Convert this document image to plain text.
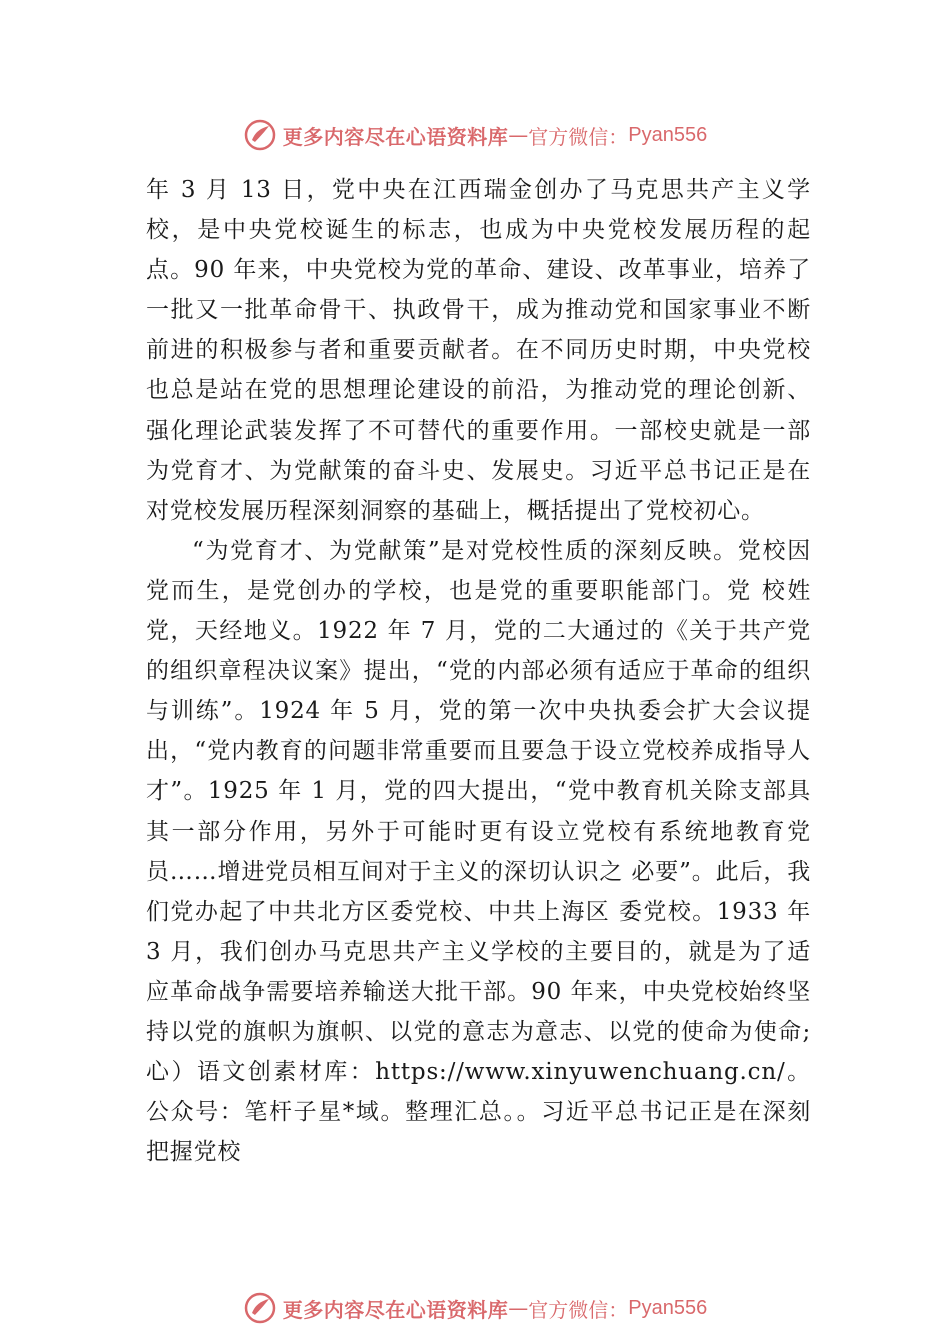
更多内容尽在心语资料库 — 官方微信： Pyan556

年 3 月 13 日，党中央在江西瑞金创办了马克思共产主义学校，是中央党校诞生的标志，也成为中央党校发展历程的起点。90 年来，中央党校为党的革命、建设、改革事业，培养了一批又一批革命骨干、执政骨干，成为推动党和国家事业不断前进的积极参与者和重要贡献者。在不同历史时期，中央党校也总是站在党的思想理论建设的前沿，为推动党的理论创新、强化理论武装发挥了不可替代的重要作用。一部校史就是一部为党育才、为党献策的奋斗史、发展史。习近平总书记正是在对党校发展历程深刻洞察的基础上，概括提出了党校初心。

“为党育才、为党献策”是对党校性质的深刻反映。党校因党而生，是党创办的学校，也是党的重要职能部门。党 校姓党，天经地义。1922 年 7 月，党的二大通过的《关于共产党的组织章程决议案》提出，“党的内部必须有适应于革命的组织与训练”。1924 年 5 月，党的第一次中央执委会扩大会议提出，“党内教育的问题非常重要而且要急于设立党校养成指导人才”。1925 年 1 月，党的四大提出，“党中教育机关除支部具其一部分作用，另外于可能时更有设立党校有系统地教育党员……增进党员相互间对于主义的深切认识之 必要”。此后，我们党办起了中共北方区委党校、中共上海区 委党校。1933 年 3 月，我们创办马克思共产主义学校的主要目的，就是为了适应革命战争需要培养输送大批干部。90 年来，中央党校始终坚持以党的旗帜为旗帜、以党的意志为意志、以党的使命为使命;心）语文创素材库：https://www.xinyuwenchuang.cn/。公众号：笔杆子星*域。整理汇总。。习近平总书记正是在深刻把握党校

更多内容尽在心语资料库 — 官方微信： Pyan556
